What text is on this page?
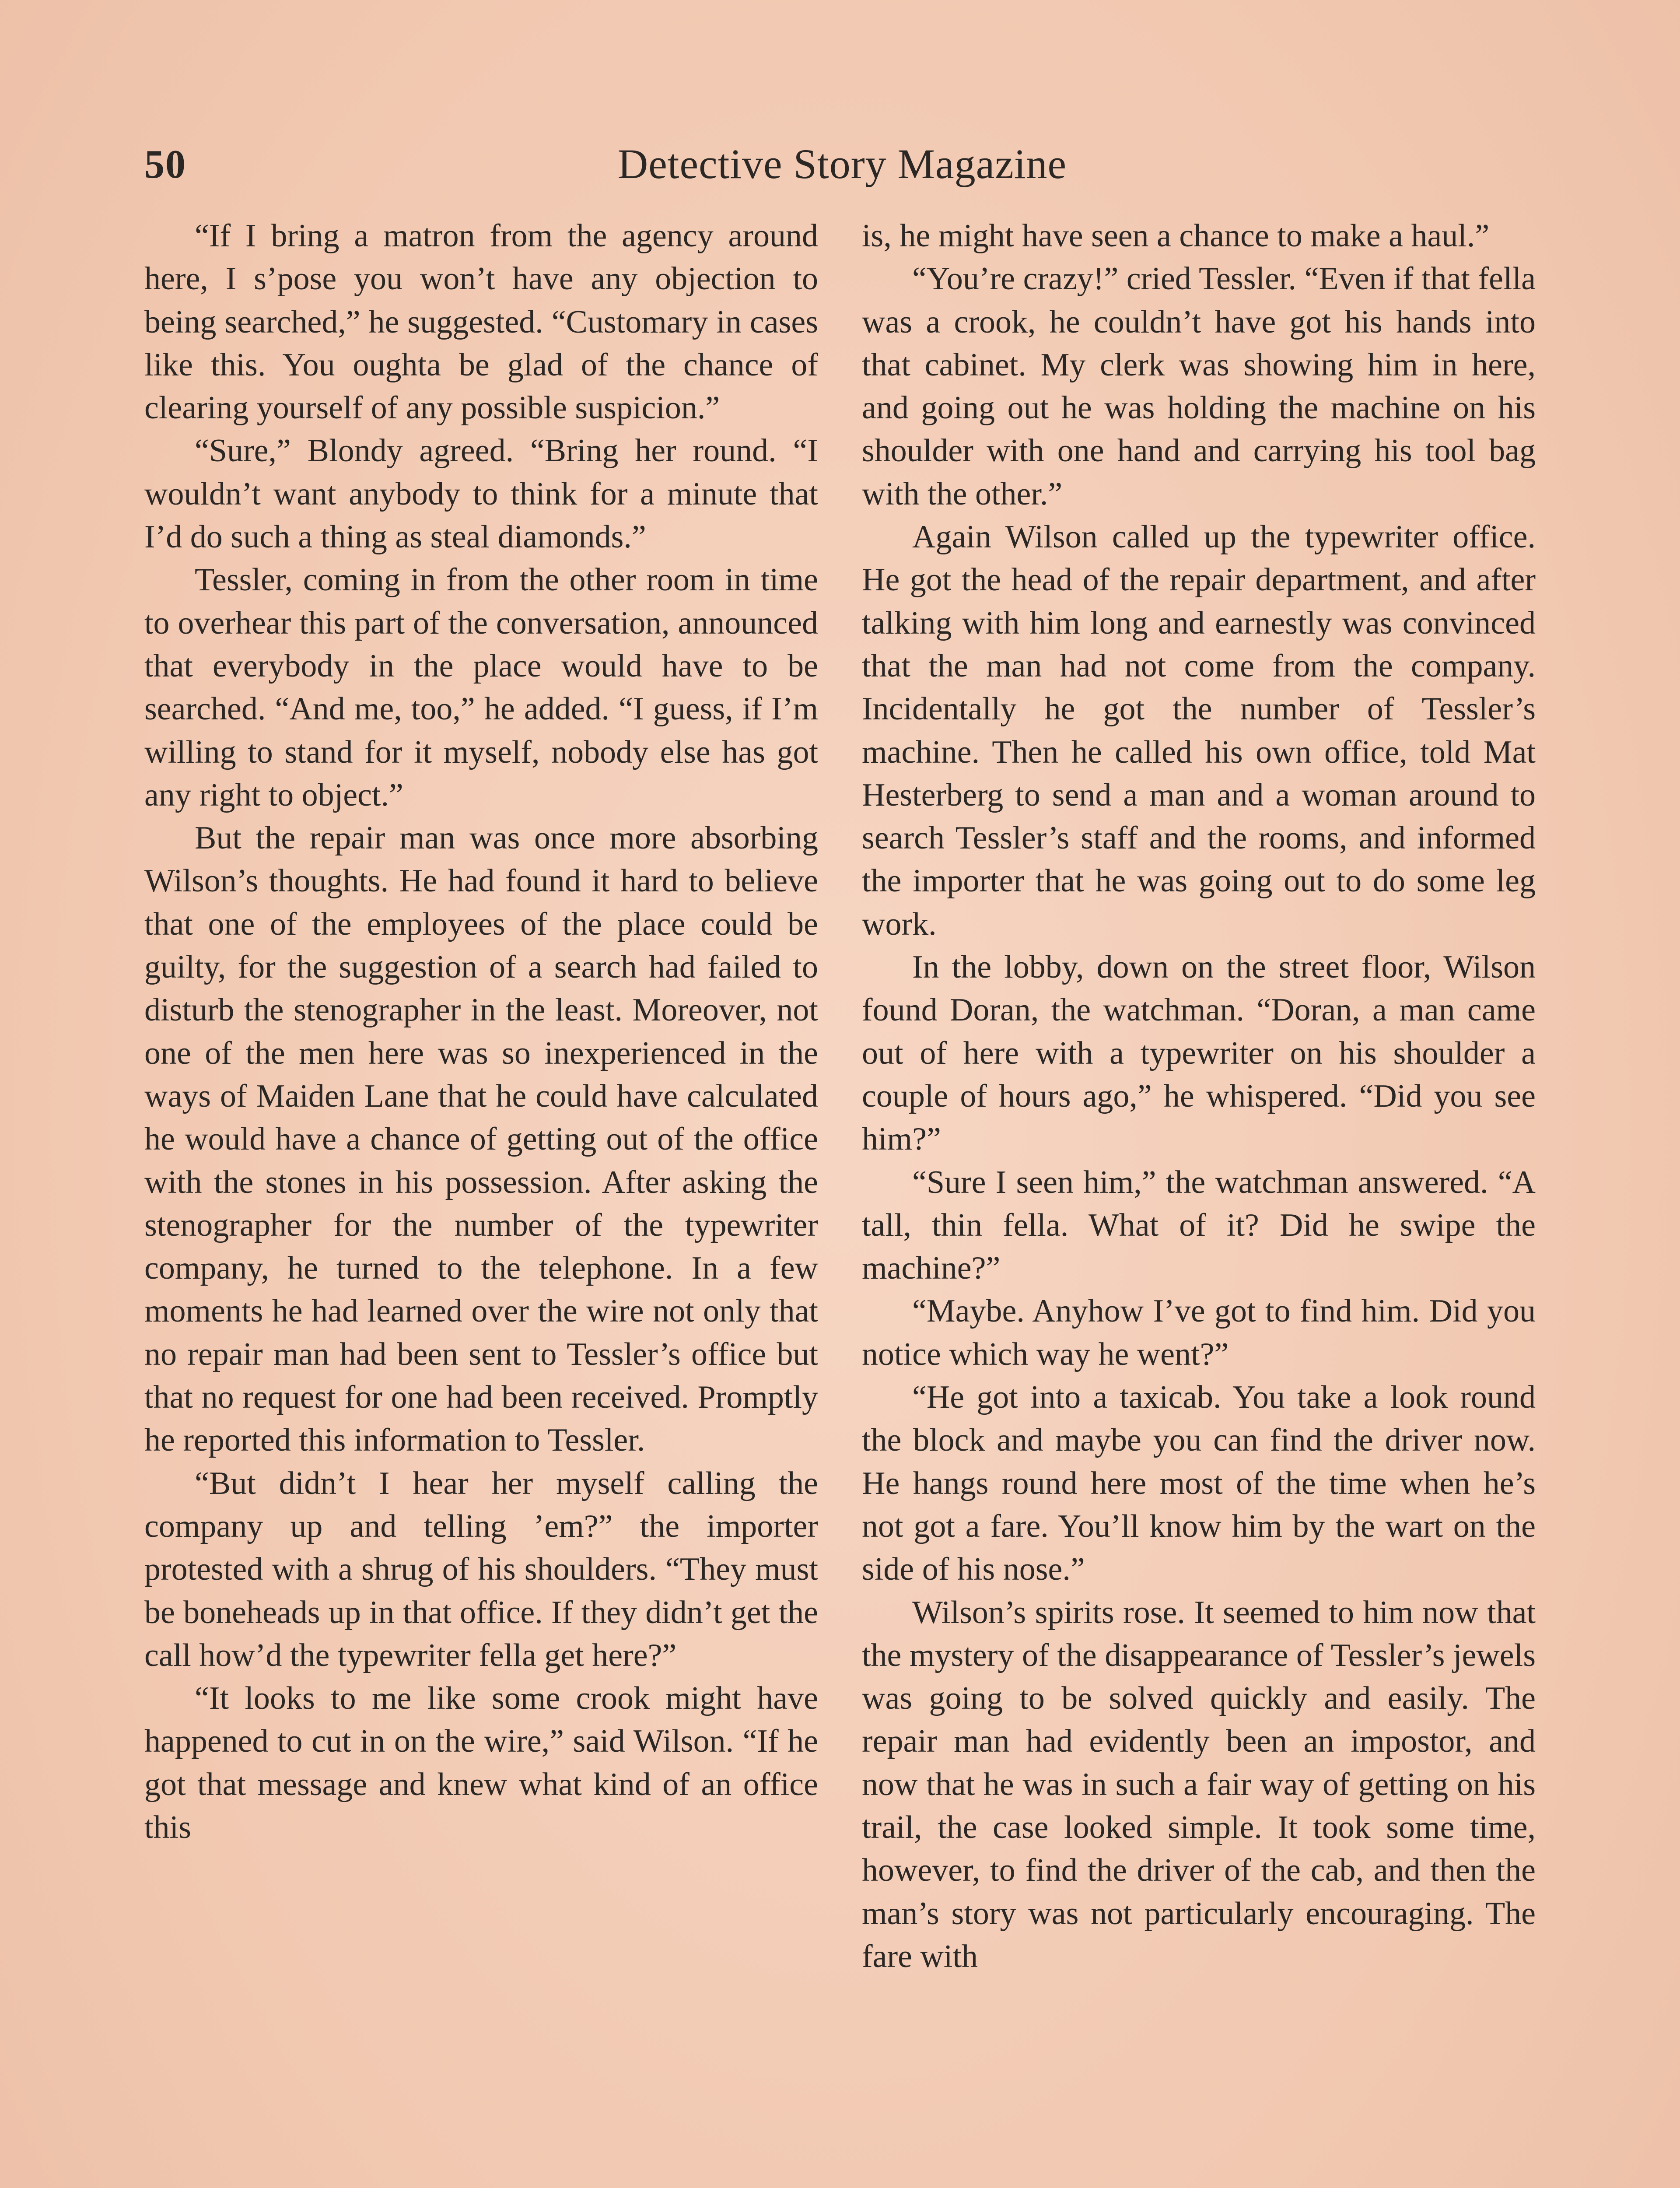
50	Detective Story Magazine

“If I bring a matron from the agency around here, I s’pose you won’t have any objection to being searched,” he suggested. “Customary in cases like this. You oughta be glad of the chance of clearing yourself of any possible suspicion.”

“Sure,” Blondy agreed. “Bring her round. “I wouldn’t want anybody to think for a minute that I’d do such a thing as steal diamonds.”

Tessler, coming in from the other room in time to overhear this part of the conversation, announced that everybody in the place would have to be searched. “And me, too,” he added. “I guess, if I’m willing to stand for it myself, nobody else has got any right to object.”

But the repair man was once more absorbing Wilson’s thoughts. He had found it hard to believe that one of the employees of the place could be guilty, for the suggestion of a search had failed to disturb the stenographer in the least. Moreover, not one of the men here was so inexperienced in the ways of Maiden Lane that he could have calculated he would have a chance of getting out of the office with the stones in his possession. After asking the stenographer for the number of the typewriter company, he turned to the telephone. In a few moments he had learned over the wire not only that no repair man had been sent to Tessler’s office but that no request for one had been received. Promptly he reported this information to Tessler.

“But didn’t I hear her myself calling the company up and telling ’em?” the importer protested with a shrug of his shoulders. “They must be boneheads up in that office. If they didn’t get the call how’d the typewriter fella get here?”

“It looks to me like some crook might have happened to cut in on the wire,” said Wilson. “If he got that message and knew what kind of an office this

is, he might have seen a chance to make a haul.”

“You’re crazy!” cried Tessler. “Even if that fella was a crook, he couldn’t have got his hands into that cabinet. My clerk was showing him in here, and going out he was holding the machine on his shoulder with one hand and carrying his tool bag with the other.”

Again Wilson called up the typewriter office. He got the head of the repair department, and after talking with him long and earnestly was convinced that the man had not come from the company. Incidentally he got the number of Tessler’s machine. Then he called his own office, told Mat Hesterberg to send a man and a woman around to search Tessler’s staff and the rooms, and informed the importer that he was going out to do some leg work.

In the lobby, down on the street floor, Wilson found Doran, the watchman. “Doran, a man came out of here with a typewriter on his shoulder a couple of hours ago,” he whispered. “Did you see him?”

“Sure I seen him,” the watchman answered. “A tall, thin fella. What of it? Did he swipe the machine?”

“Maybe. Anyhow I’ve got to find him. Did you notice which way he went?”

“He got into a taxicab. You take a look round the block and maybe you can find the driver now. He hangs round here most of the time when he’s not got a fare. You’ll know him by the wart on the side of his nose.”

Wilson’s spirits rose. It seemed to him now that the mystery of the disappearance of Tessler’s jewels was going to be solved quickly and easily. The repair man had evidently been an impostor, and now that he was in such a fair way of getting on his trail, the case looked simple. It took some time, however, to find the driver of the cab, and then the man’s story was not particularly encouraging. The fare with
